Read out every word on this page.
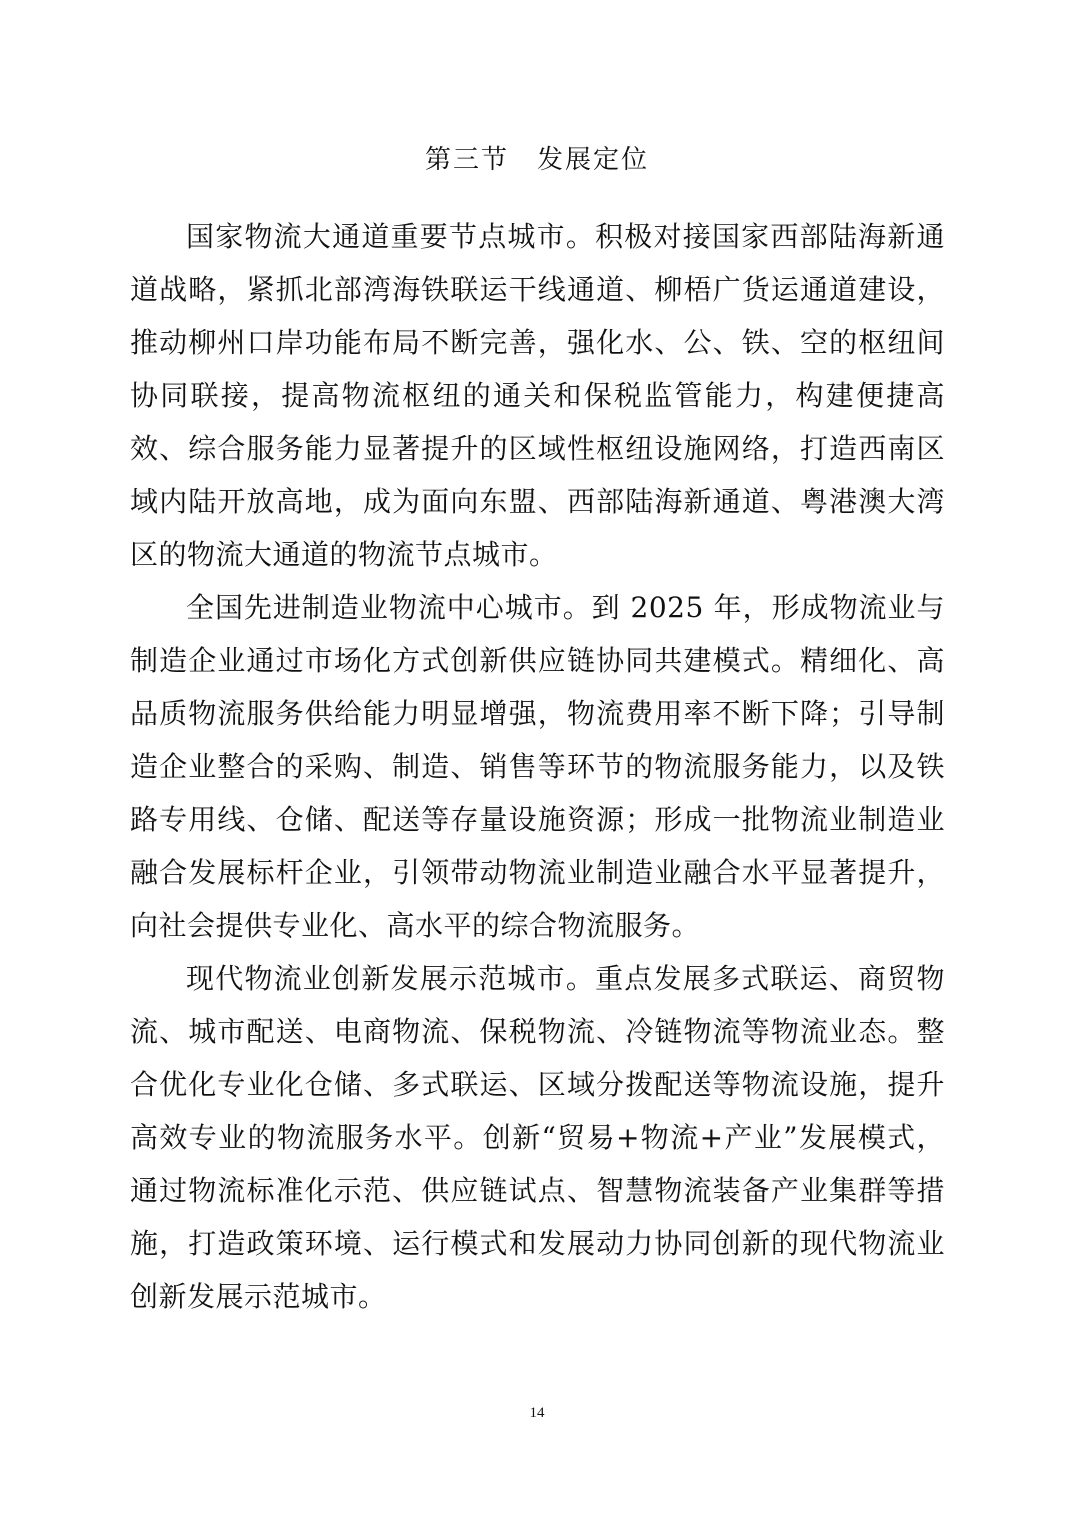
第三节　发展定位

国家物流大通道重要节点城市。积极对接国家西部陆海新通道战略，紧抓北部湾海铁联运干线通道、柳梧广货运通道建设，推动柳州口岸功能布局不断完善，强化水、公、铁、空的枢纽间协同联接，提高物流枢纽的通关和保税监管能力，构建便捷高效、综合服务能力显著提升的区域性枢纽设施网络，打造西南区域内陆开放高地，成为面向东盟、西部陆海新通道、粤港澳大湾区的物流大通道的物流节点城市。

全国先进制造业物流中心城市。到 2025 年，形成物流业与制造企业通过市场化方式创新供应链协同共建模式。精细化、高品质物流服务供给能力明显增强，物流费用率不断下降；引导制造企业整合的采购、制造、销售等环节的物流服务能力，以及铁路专用线、仓储、配送等存量设施资源；形成一批物流业制造业融合发展标杆企业，引领带动物流业制造业融合水平显著提升，向社会提供专业化、高水平的综合物流服务。

现代物流业创新发展示范城市。重点发展多式联运、商贸物流、城市配送、电商物流、保税物流、冷链物流等物流业态。整合优化专业化仓储、多式联运、区域分拨配送等物流设施，提升高效专业的物流服务水平。创新“贸易+物流+产业”发展模式，通过物流标准化示范、供应链试点、智慧物流装备产业集群等措施，打造政策环境、运行模式和发展动力协同创新的现代物流业创新发展示范城市。

14
